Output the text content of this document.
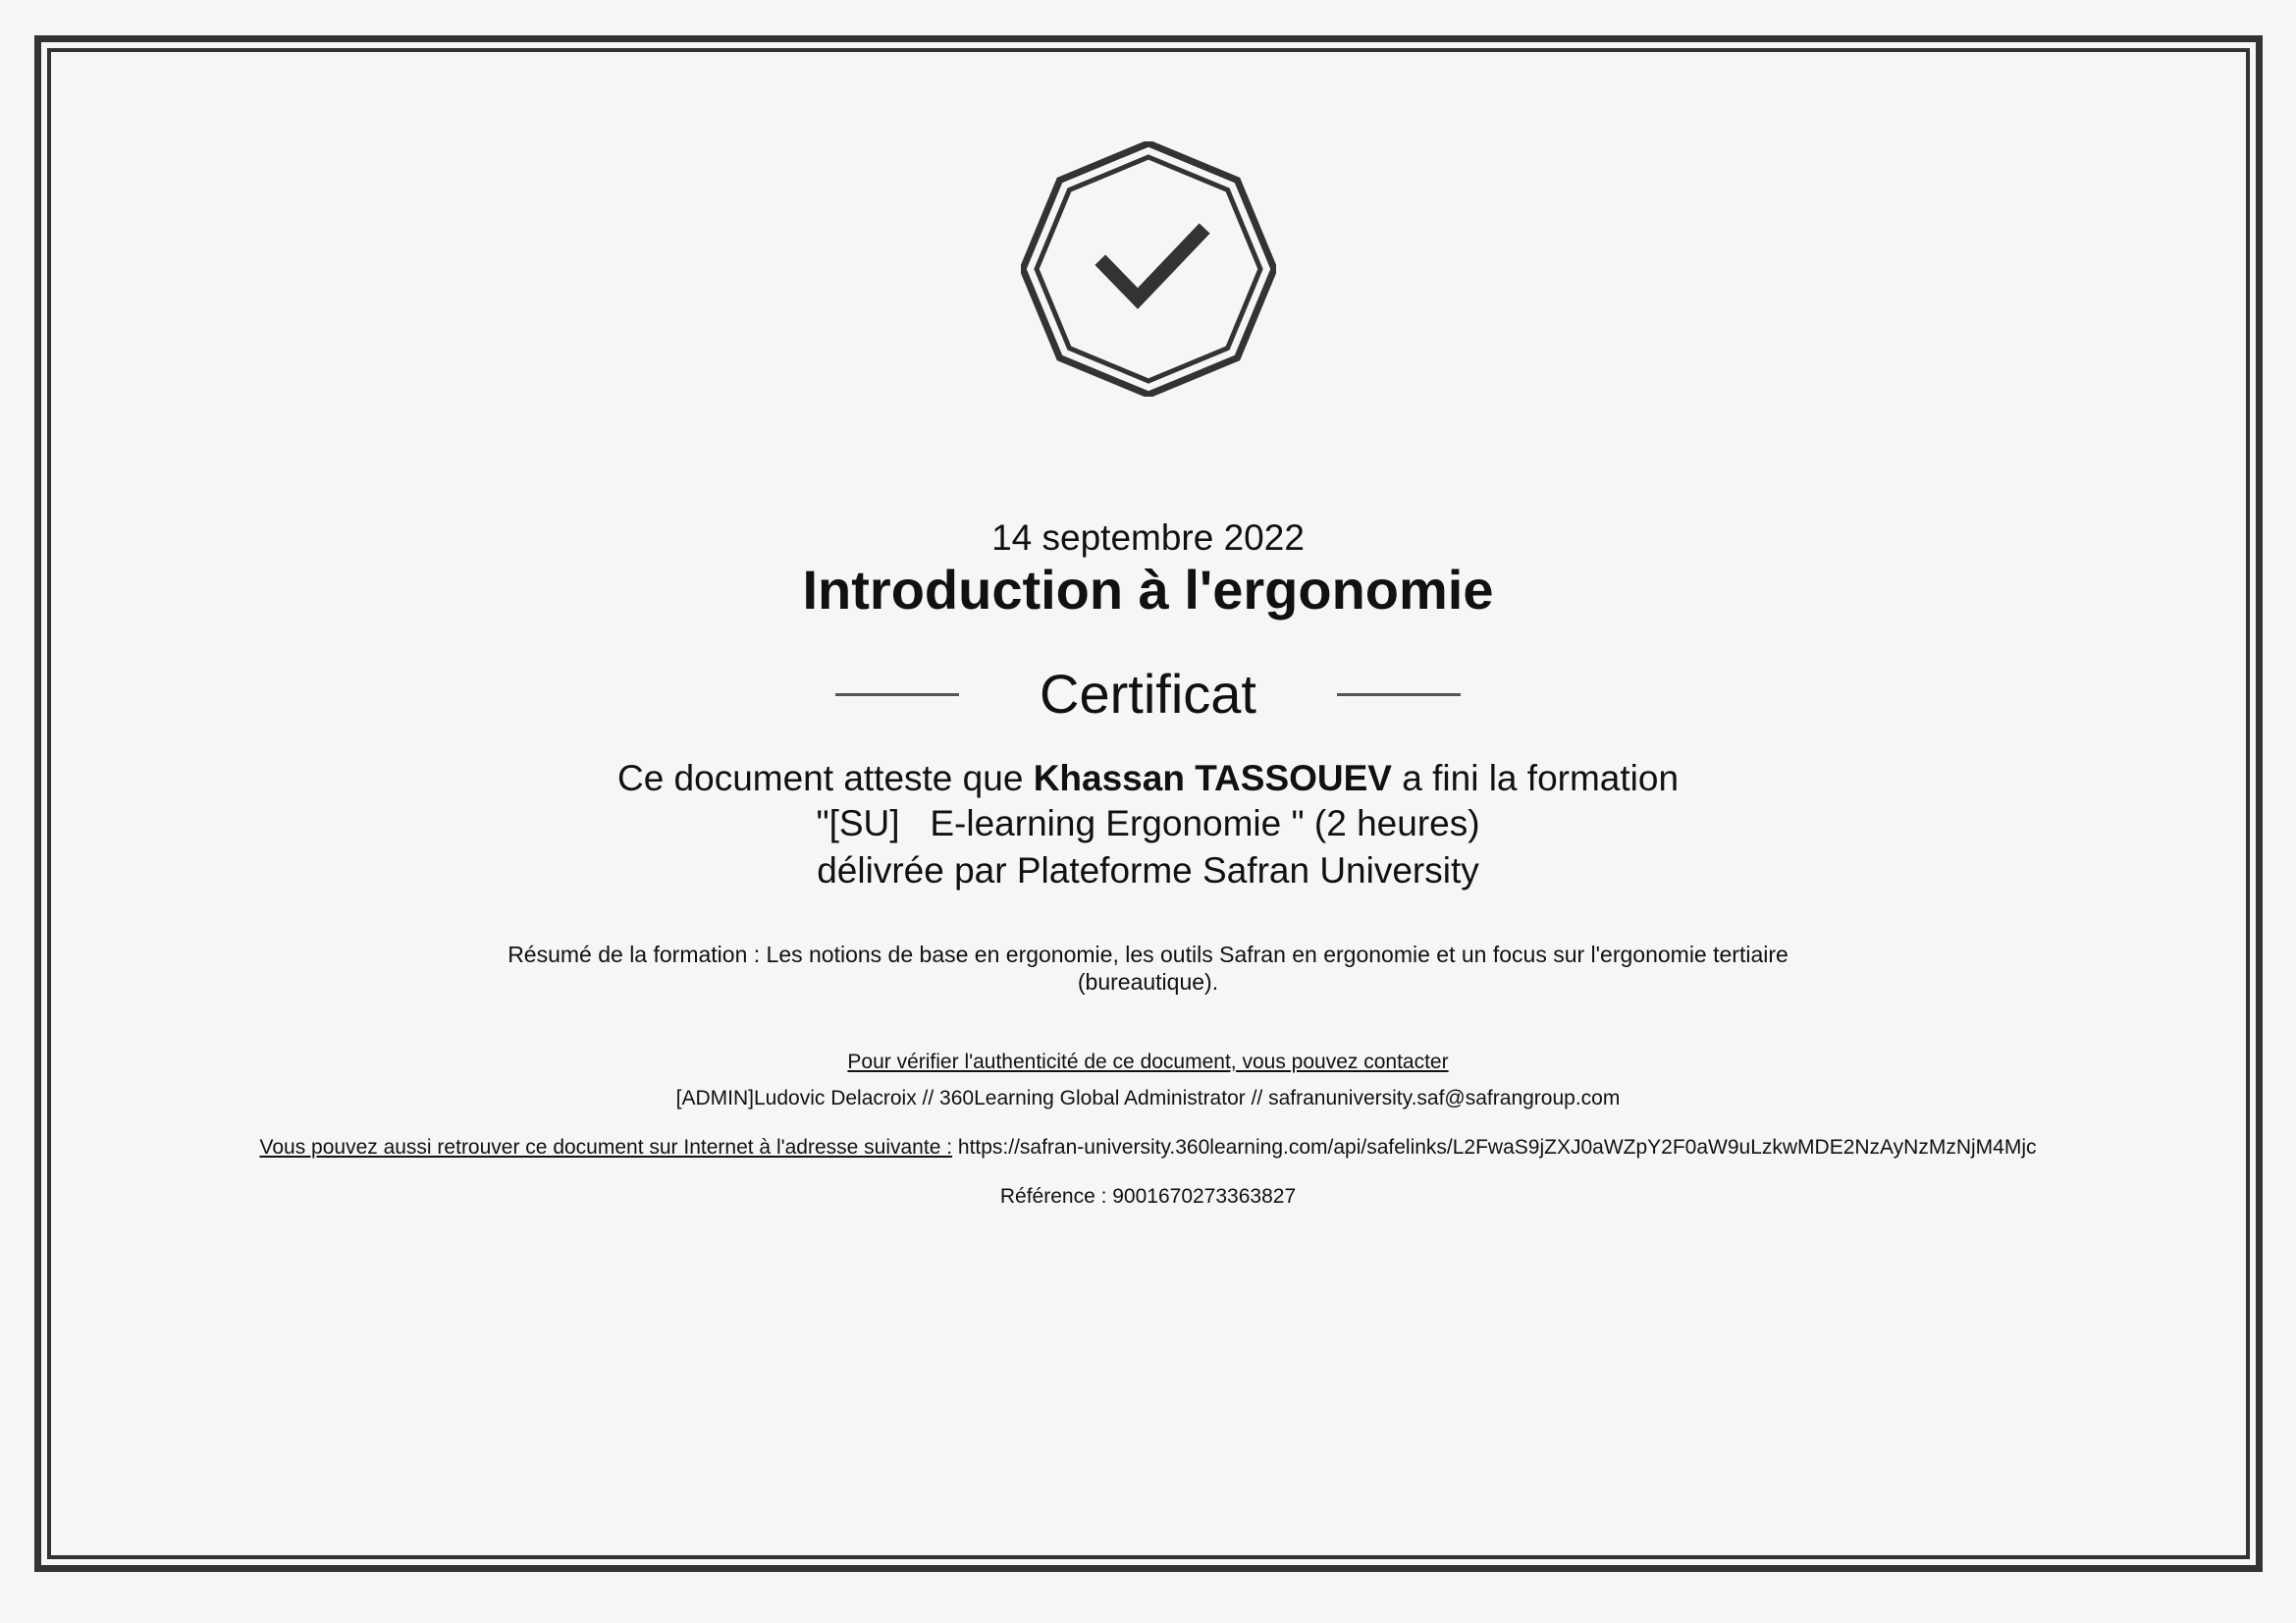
14 septembre 2022
Introduction à l'ergonomie
Certificat
Ce document atteste que Khassan TASSOUEV a fini la formation
"[SU]   E-learning Ergonomie " (2 heures)
délivrée par Plateforme Safran University
Résumé de la formation : Les notions de base en ergonomie, les outils Safran en ergonomie et un focus sur l'ergonomie tertiaire
(bureautique).
Pour vérifier l'authenticité de ce document, vous pouvez contacter
[ADMIN]Ludovic Delacroix // 360Learning Global Administrator // safranuniversity.saf@safrangroup.com
Vous pouvez aussi retrouver ce document sur Internet à l'adresse suivante : https://safran-university.360learning.com/api/safelinks/L2FwaS9jZXJ0aWZpY2F0aW9uLzkwMDE2NzAyNzMzNjM4Mjc
Référence : 9001670273363827
